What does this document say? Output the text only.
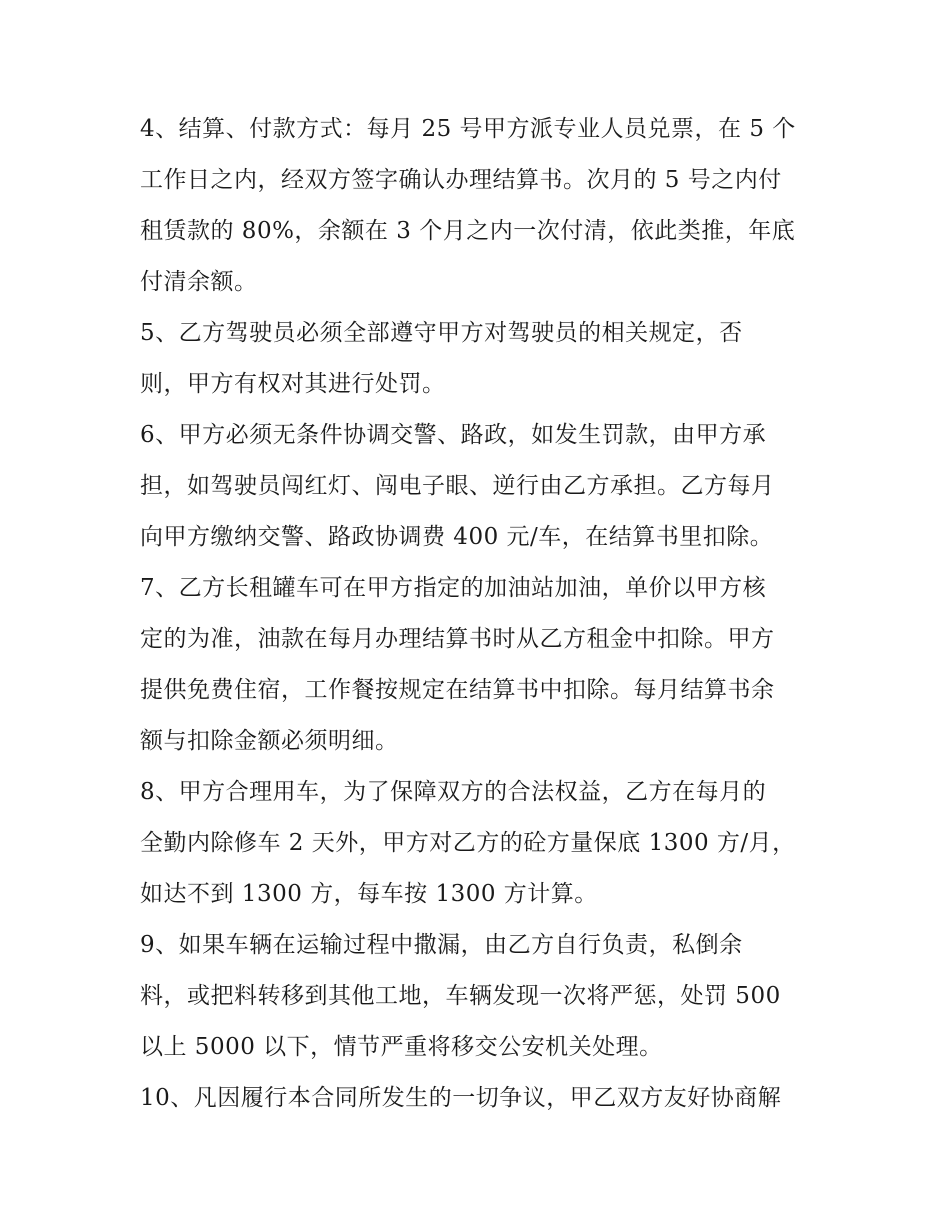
4、结算、付款方式：每月 25 号甲方派专业人员兑票，在 5 个
工作日之内，经双方签字确认办理结算书。次月的 5 号之内付
租赁款的 80%，余额在 3 个月之内一次付清，依此类推，年底
付清余额。
5、乙方驾驶员必须全部遵守甲方对驾驶员的相关规定，否
则，甲方有权对其进行处罚。
6、甲方必须无条件协调交警、路政，如发生罚款，由甲方承
担，如驾驶员闯红灯、闯电子眼、逆行由乙方承担。乙方每月
向甲方缴纳交警、路政协调费 400 元/车，在结算书里扣除。
7、乙方长租罐车可在甲方指定的加油站加油，单价以甲方核
定的为准，油款在每月办理结算书时从乙方租金中扣除。甲方
提供免费住宿，工作餐按规定在结算书中扣除。每月结算书余
额与扣除金额必须明细。
8、甲方合理用车，为了保障双方的合法权益，乙方在每月的
全勤内除修车 2 天外，甲方对乙方的砼方量保底 1300 方/月，
如达不到 1300 方，每车按 1300 方计算。
9、如果车辆在运输过程中撒漏，由乙方自行负责，私倒余
料，或把料转移到其他工地，车辆发现一次将严惩，处罚 500
以上 5000 以下，情节严重将移交公安机关处理。
10、凡因履行本合同所发生的一切争议，甲乙双方友好协商解
